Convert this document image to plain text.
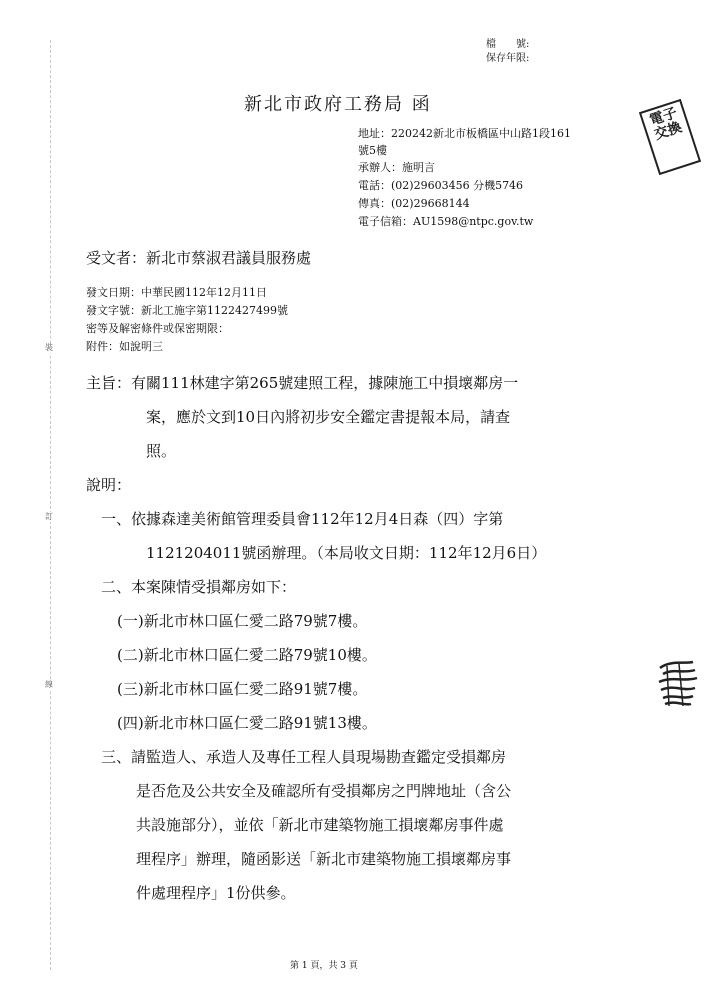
裝
訂
線
檔　　號:
保存年限:
新北市政府工務局 函
地址：220242新北市板橋區中山路1段161
號5樓
承辦人：施明言
電話：(02)29603456 分機5746
傳真：(02)29668144
電子信箱：AU1598@ntpc.gov.tw
電子交換
受文者：新北市蔡淑君議員服務處
發文日期：中華民國112年12月11日
發文字號：新北工施字第1122427499號
密等及解密條件或保密期限：
附件：如說明三
主旨：有關111林建字第265號建照工程，據陳施工中損壞鄰房一
案，應於文到10日內將初步安全鑑定書提報本局，請查
照。
說明：
一、依據森達美術館管理委員會112年12月4日森（四）字第
1121204011號函辦理。（本局收文日期：112年12月6日）
二、本案陳情受損鄰房如下：
(一)新北市林口區仁愛二路79號7樓。
(二)新北市林口區仁愛二路79號10樓。
(三)新北市林口區仁愛二路91號7樓。
(四)新北市林口區仁愛二路91號13樓。
三、請監造人、承造人及專任工程人員現場勘查鑑定受損鄰房
是否危及公共安全及確認所有受損鄰房之門牌地址（含公
共設施部分），並依「新北市建築物施工損壞鄰房事件處
理程序」辦理，隨函影送「新北市建築物施工損壞鄰房事
件處理程序」1份供參。
第 1 頁，共 3 頁
